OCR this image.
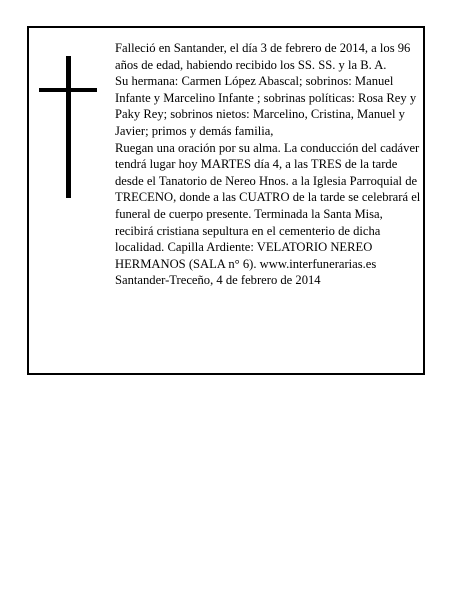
Falleció en Santander, el día 3 de febrero de 2014, a los 96 años de edad, habiendo recibido los SS. SS. y la B. A.

Su hermana: Carmen López Abascal; sobrinos: Manuel Infante y Marcelino Infante ; sobrinas políticas: Rosa Rey y Paky Rey; sobrinos nietos: Marcelino, Cristina, Manuel y Javier; primos y demás familia,

Ruegan una oración por su alma. La conducción del cadáver tendrá lugar hoy MARTES día 4, a las TRES de la tarde desde el Tanatorio de Nereo Hnos. a la Iglesia Parroquial de TRECENO, donde a las CUATRO de la tarde se celebrará el funeral de cuerpo presente. Terminada la Santa Misa, recibirá cristiana sepultura en el cementerio de dicha localidad. Capilla Ardiente: VELATORIO NEREO HERMANOS (SALA n° 6). www.interfunerarias.es Santander-Treceño, 4 de febrero de 2014
